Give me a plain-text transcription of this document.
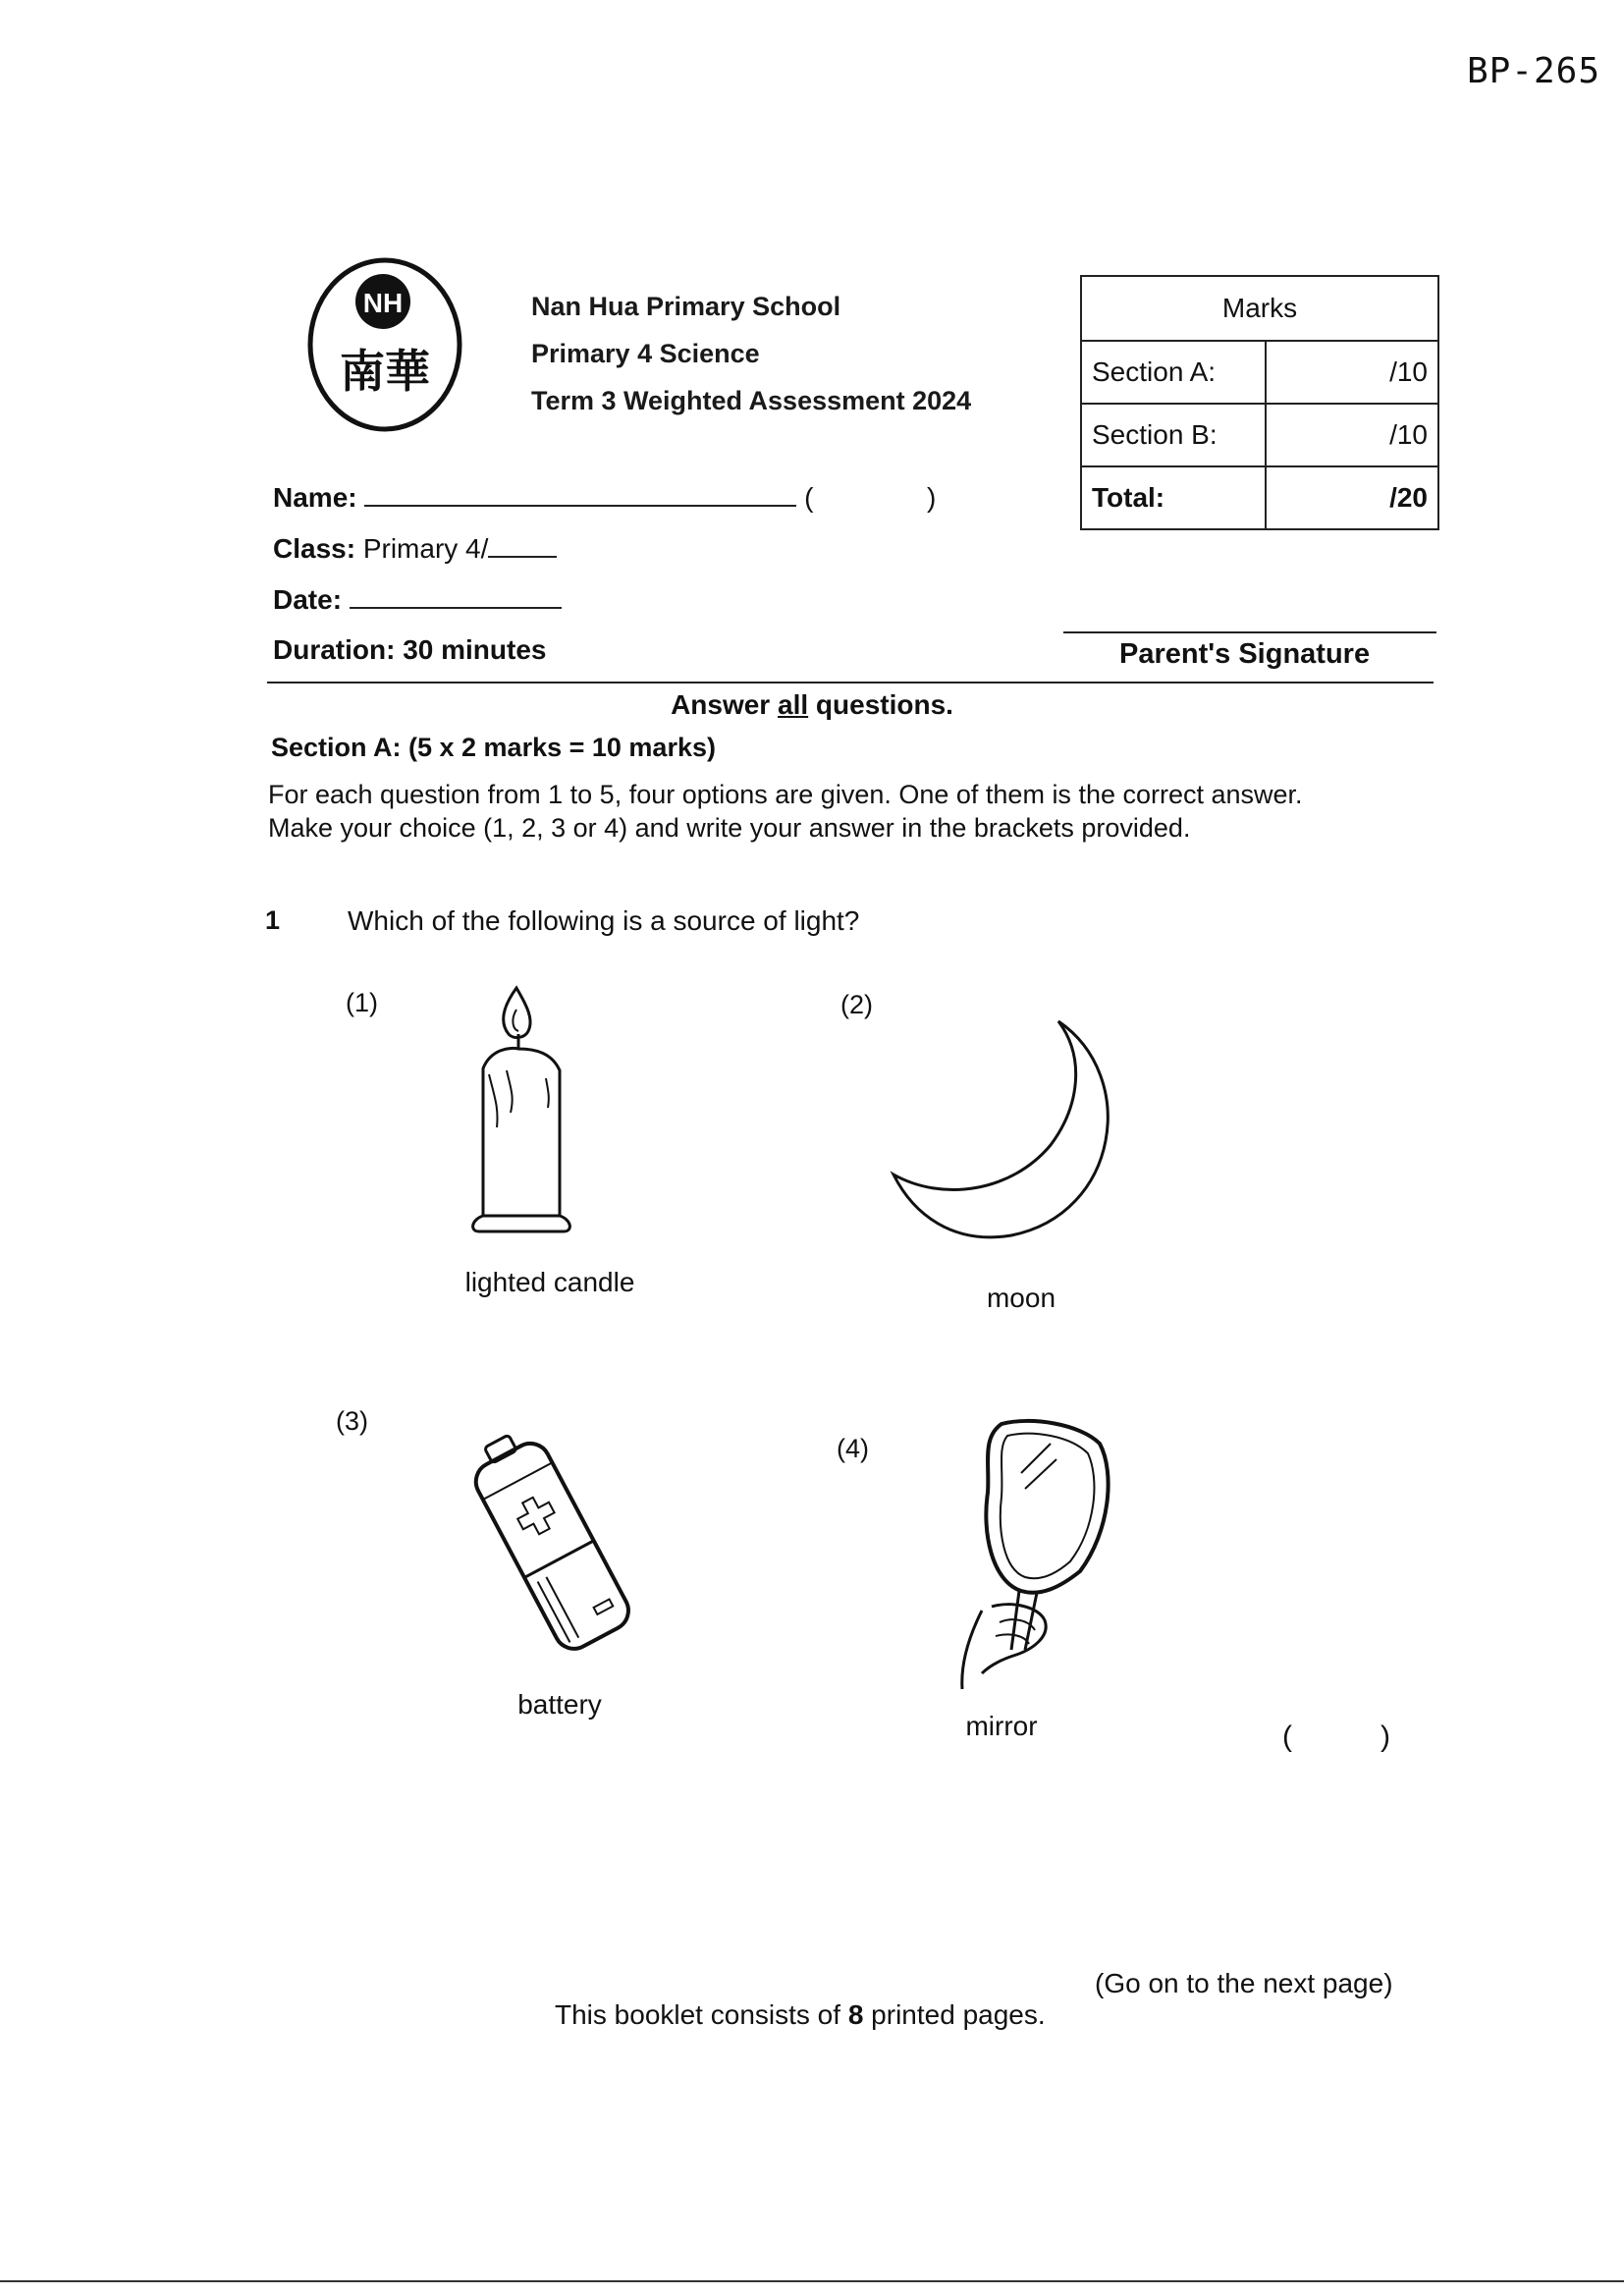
BP-265
NH
南華
Nan Hua Primary School
Primary 4 Science
Term 3 Weighted Assessment 2024
Marks	
Section A:	/10
Section B:	/10
Total:	/20
Name:	(	)
Class: Primary 4/
Date:
Duration: 30 minutes	Parent's Signature
Answer all questions.
Section A: (5 x 2 marks = 10 marks)
For each question from 1 to 5, four options are given. One of them is the correct answer.
Make your choice (1, 2, 3 or 4) and write your answer in the brackets provided.
1 Which of the following is a source of light?
(1)
lighted candle
(2)
moon
(3)
battery
(4)
mirror	(	)
(Go on to the next page)
This booklet consists of 8 printed pages.
